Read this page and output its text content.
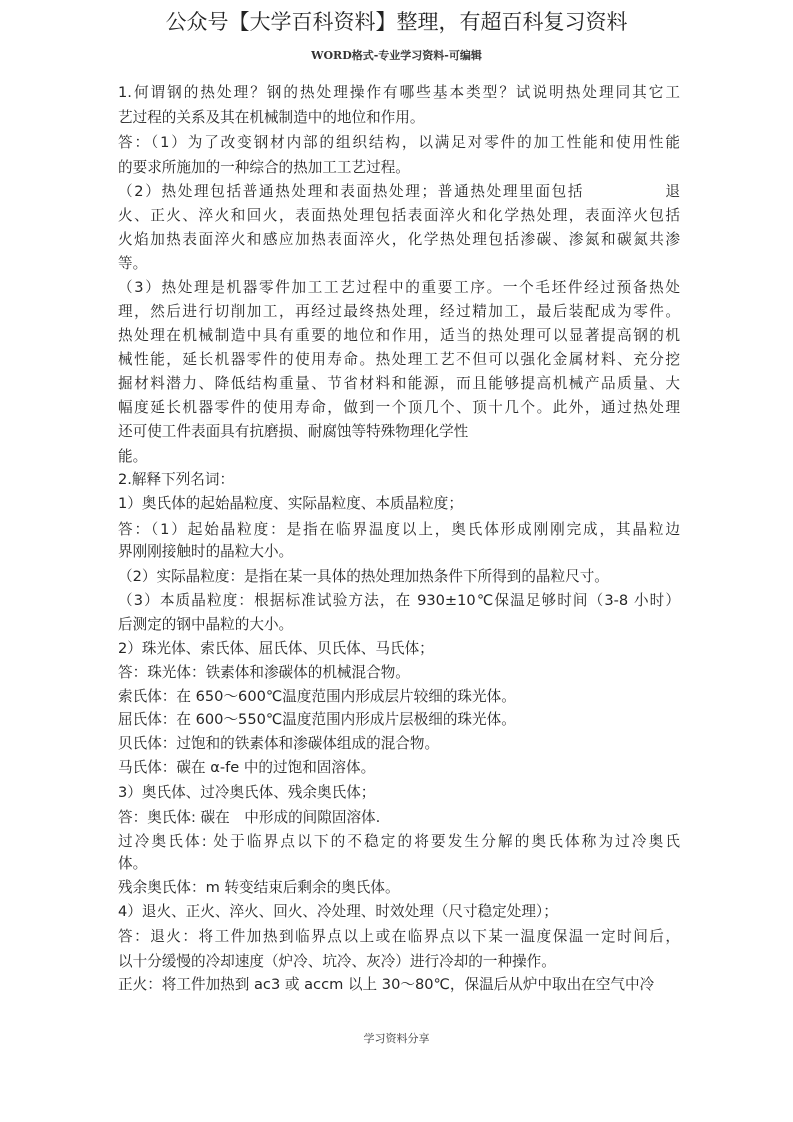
公众号【大学百科资料】整理，有超百科复习资料
WORD格式-专业学习资料-可编辑
1.何谓钢的热处理？钢的热处理操作有哪些基本类型？试说明热处理同其它工
艺过程的关系及其在机械制造中的地位和作用。
答：（1）为了改变钢材内部的组织结构，以满足对零件的加工性能和使用性能
的要求所施加的一种综合的热加工工艺过程。
（2）热处理包括普通热处理和表面热处理；普通热处理里面包括　　　　　退
火、正火、淬火和回火，表面热处理包括表面淬火和化学热处理，表面淬火包括
火焰加热表面淬火和感应加热表面淬火，化学热处理包括渗碳、渗氮和碳氮共渗
等。
（3）热处理是机器零件加工工艺过程中的重要工序。一个毛坯件经过预备热处
理，然后进行切削加工，再经过最终热处理，经过精加工，最后装配成为零件。
热处理在机械制造中具有重要的地位和作用，适当的热处理可以显著提高钢的机
械性能，延长机器零件的使用寿命。热处理工艺不但可以强化金属材料、充分挖
掘材料潜力、降低结构重量、节省材料和能源，而且能够提高机械产品质量、大
幅度延长机器零件的使用寿命，做到一个顶几个、顶十几个。此外，通过热处理
还可使工件表面具有抗磨损、耐腐蚀等特殊物理化学性
能。
2.解释下列名词：
1）奥氏体的起始晶粒度、实际晶粒度、本质晶粒度；
答：（1）起始晶粒度：是指在临界温度以上，奥氏体形成刚刚完成，其晶粒边
界刚刚接触时的晶粒大小。
（2）实际晶粒度：是指在某一具体的热处理加热条件下所得到的晶粒尺寸。
（3）本质晶粒度：根据标准试验方法，在 930±10℃保温足够时间（3-8 小时）
后测定的钢中晶粒的大小。
2）珠光体、索氏体、屈氏体、贝氏体、马氏体；
答：珠光体：铁素体和渗碳体的机械混合物。
索氏体：在 650～600℃温度范围内形成层片较细的珠光体。
屈氏体：在 600～550℃温度范围内形成片层极细的珠光体。
贝氏体：过饱和的铁素体和渗碳体组成的混合物。
马氏体：碳在 α-fe 中的过饱和固溶体。
3）奥氏体、过冷奥氏体、残余奥氏体；
答：奥氏体: 碳在　中形成的间隙固溶体.
过冷奥氏体: 处于临界点以下的不稳定的将要发生分解的奥氏体称为过冷奥氏
体。
残余奥氏体：m 转变结束后剩余的奥氏体。
4）退火、正火、淬火、回火、冷处理、时效处理（尺寸稳定处理）；
答：退火：将工件加热到临界点以上或在临界点以下某一温度保温一定时间后，
以十分缓慢的冷却速度（炉冷、坑冷、灰冷）进行冷却的一种操作。
正火：将工件加热到 ac3 或 accm 以上 30～80℃，保温后从炉中取出在空气中冷
学习资料分享
